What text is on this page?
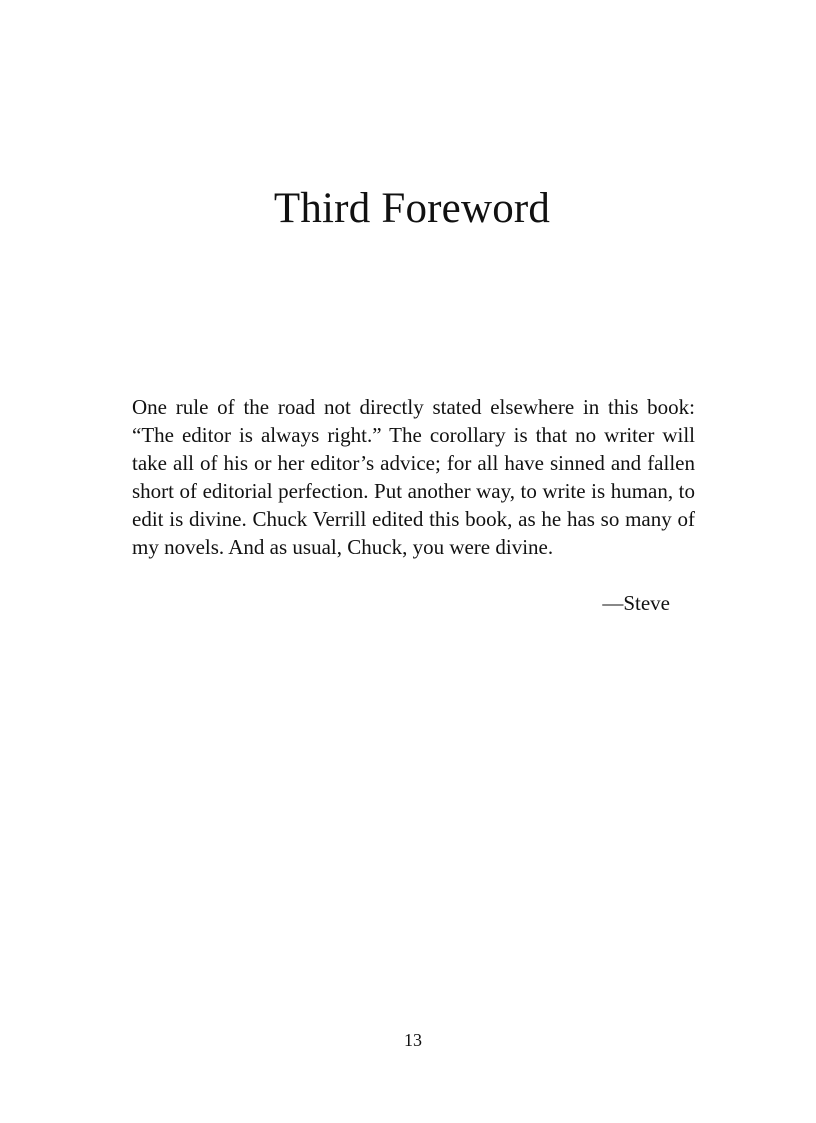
Third Foreword

One rule of the road not directly stated elsewhere in this book: “The editor is always right.” The corollary is that no writer will take all of his or her editor’s advice; for all have sinned and fallen short of editorial perfection. Put another way, to write is human, to edit is divine. Chuck Verrill edited this book, as he has so many of my novels. And as usual, Chuck, you were divine.

—Steve

13
